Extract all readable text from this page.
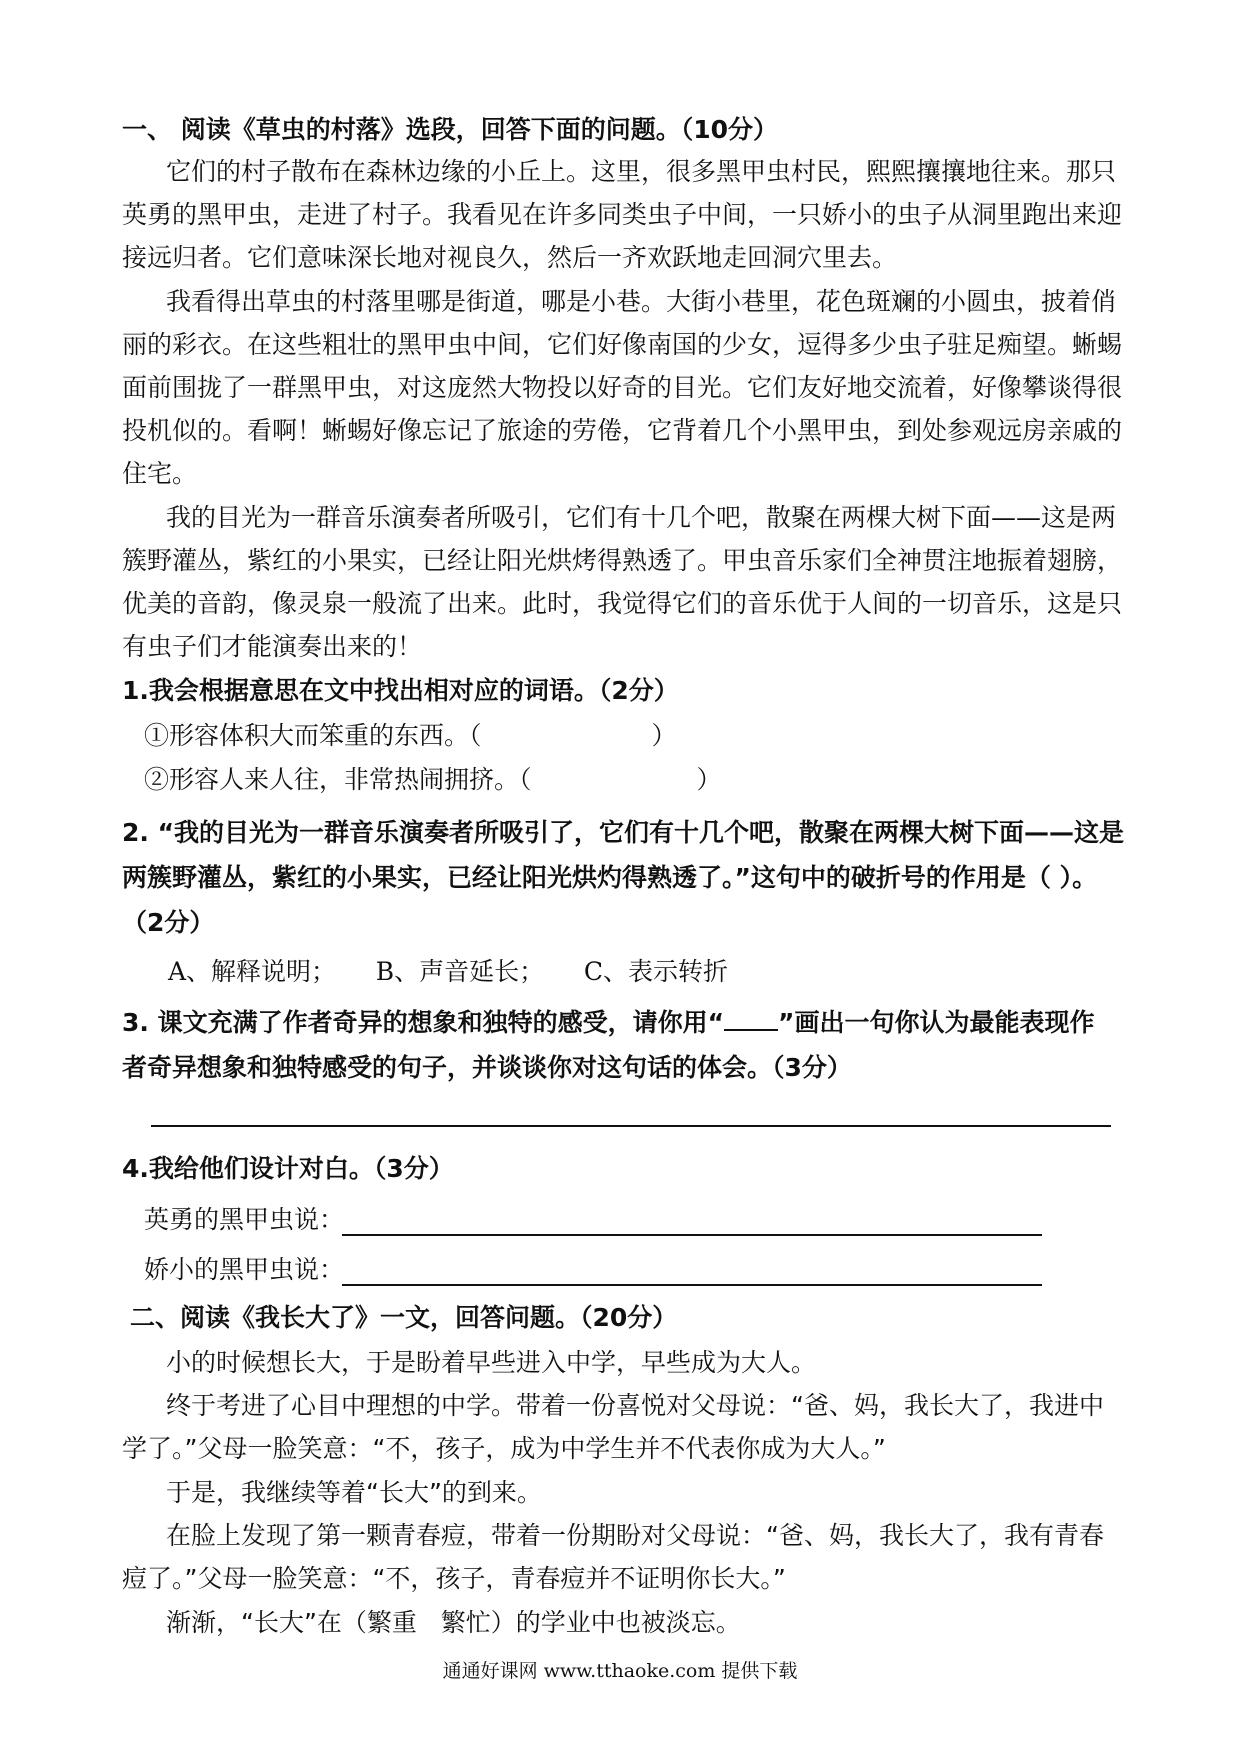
一、 阅读《草虫的村落》选段，回答下面的问题。（10分）
它们的村子散布在森林边缘的小丘上。这里，很多黑甲虫村民，熙熙攘攘地往来。那只
英勇的黑甲虫，走进了村子。我看见在许多同类虫子中间，一只娇小的虫子从洞里跑出来迎
接远归者。它们意味深长地对视良久，然后一齐欢跃地走回洞穴里去。
我看得出草虫的村落里哪是街道，哪是小巷。大街小巷里，花色斑斓的小圆虫，披着俏
丽的彩衣。在这些粗壮的黑甲虫中间，它们好像南国的少女，逗得多少虫子驻足痴望。蜥蜴
面前围拢了一群黑甲虫，对这庞然大物投以好奇的目光。它们友好地交流着，好像攀谈得很
投机似的。看啊！蜥蜴好像忘记了旅途的劳倦，它背着几个小黑甲虫，到处参观远房亲戚的
住宅。
我的目光为一群音乐演奏者所吸引，它们有十几个吧，散聚在两棵大树下面——这是两
簇野灌丛，紫红的小果实，已经让阳光烘烤得熟透了。甲虫音乐家们全神贯注地振着翅膀，
优美的音韵，像灵泉一般流了出来。此时，我觉得它们的音乐优于人间的一切音乐，这是只
有虫子们才能演奏出来的！
1.我会根据意思在文中找出相对应的词语。（2分）
①形容体积大而笨重的东西。（	）
②形容人来人往，非常热闹拥挤。（	）
2. “我的目光为一群音乐演奏者所吸引了，它们有十几个吧，散聚在两棵大树下面——这是
两簇野灌丛，紫红的小果实，已经让阳光烘灼得熟透了。”这句中的破折号的作用是（ ）。
（2分）
A、解释说明；     B、声音延长；     C、表示转折
3. 课文充满了作者奇异的想象和独特的感受，请你用“ ”画出一句你认为最能表现作
者奇异想象和独特感受的句子，并谈谈你对这句话的体会。（3分）
4.我给他们设计对白。（3分）
英勇的黑甲虫说：
娇小的黑甲虫说：
二、阅读《我长大了》一文，回答问题。（20分）
小的时候想长大，于是盼着早些进入中学，早些成为大人。
终于考进了心目中理想的中学。带着一份喜悦对父母说：“爸、妈，我长大了，我进中
学了。”父母一脸笑意：“不，孩子，成为中学生并不代表你成为大人。”
于是，我继续等着“长大”的到来。
在脸上发现了第一颗青春痘，带着一份期盼对父母说：“爸、妈，我长大了，我有青春
痘了。”父母一脸笑意：“不，孩子，青春痘并不证明你长大。”
渐渐，“长大”在（繁重   繁忙）的学业中也被淡忘。
通通好课网 www.tthaoke.com 提供下载
